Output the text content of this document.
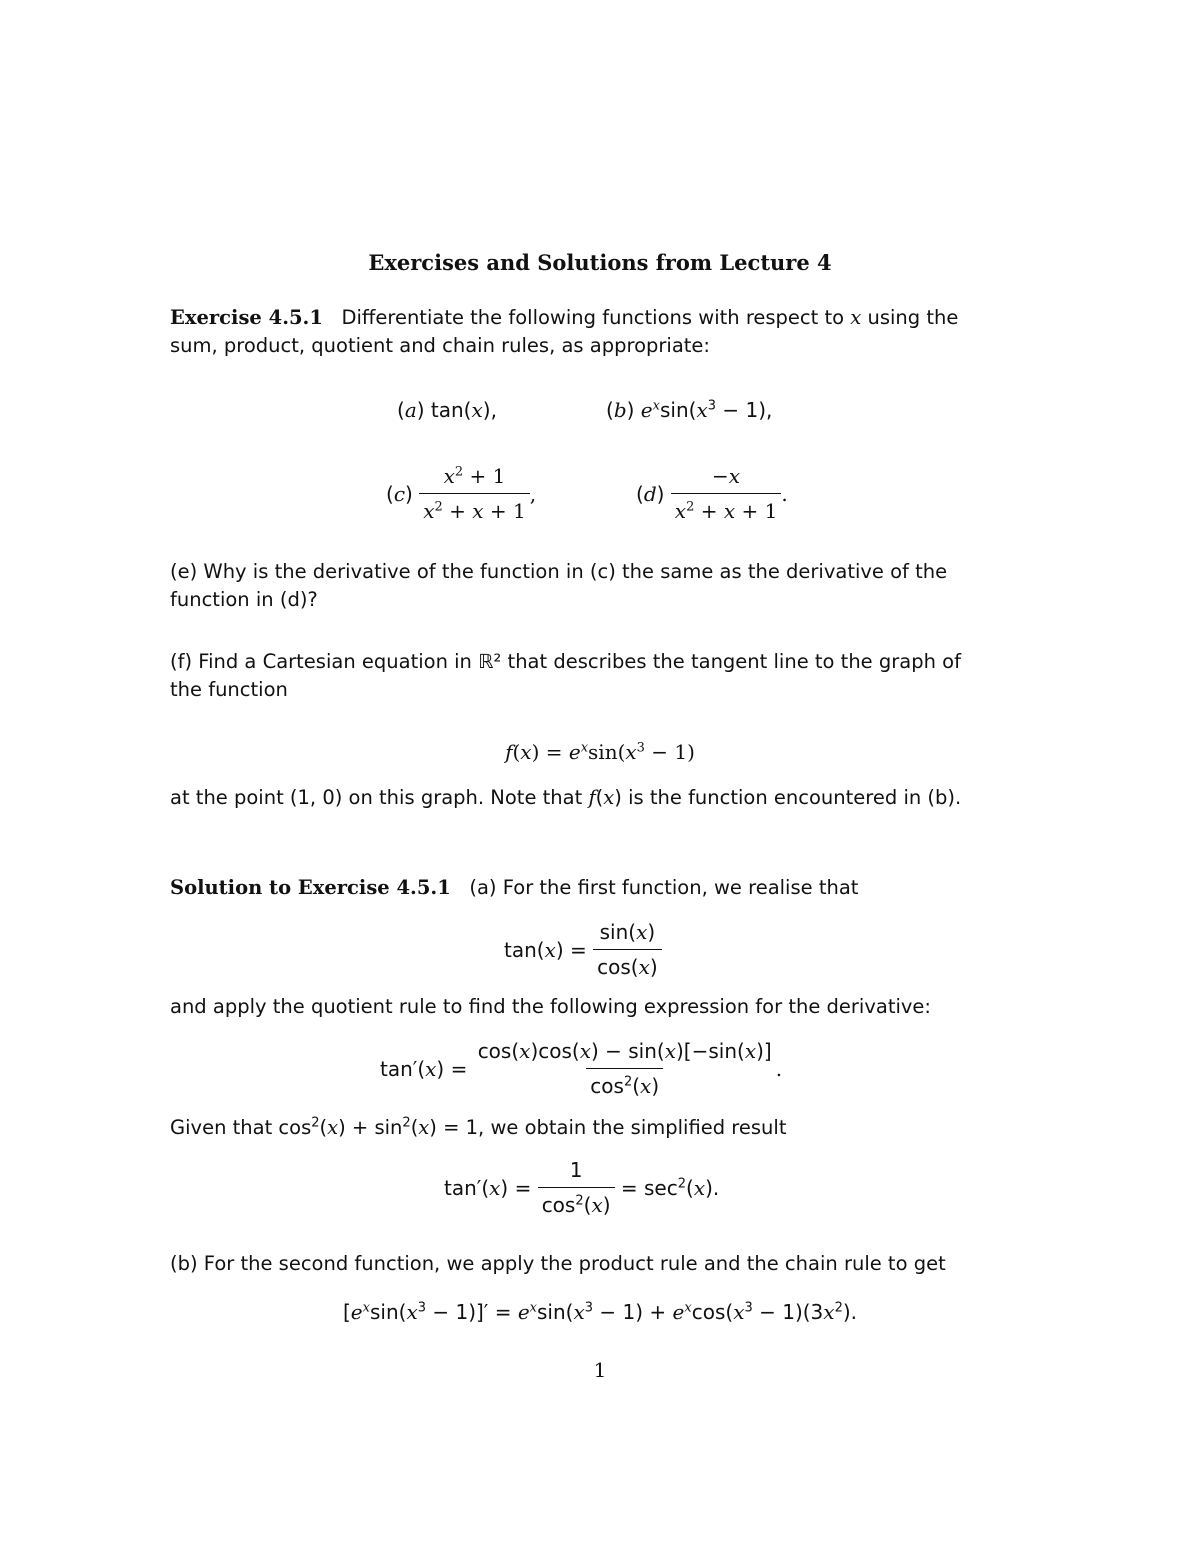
Exercises and Solutions from Lecture 4
Exercise 4.5.1   Differentiate the following functions with respect to x using the
sum, product, quotient and chain rules, as appropriate:
(a) tan(x),	(b) $e^x\sin(x^3 - 1)$,
$(c) \frac{x^2 + 1}{x^2 + x + 1}$ ,	$(d) \frac{-x}{x^2 + x + 1}$ .
(e) Why is the derivative of the function in (c) the same as the derivative of the
function in (d)?
(f) Find a Cartesian equation in ℝ² that describes the tangent line to the graph of
the function
$f(x) = e^x\sin(x^3 - 1)$
at the point (1, 0) on this graph. Note that f(x) is the function encountered in (b).
Solution to Exercise 4.5.1   (a) For the first function, we realise that
$\tan(x) = \frac{\sin(x)}{\cos(x)}$
and apply the quotient rule to find the following expression for the derivative:
$\tan'(x) = \frac{\cos(x)\cos(x) - \sin(x)[-\sin(x)]}{\cos^2(x)}$ .
Given that $\cos^2(x) + \sin^2(x) = 1$, we obtain the simplified result
$\tan'(x) = \frac{1}{\cos^2(x)} = \sec^2(x)$.
(b) For the second function, we apply the product rule and the chain rule to get
$[e^x\sin(x^3 - 1)]' = e^x\sin(x^3 - 1) + e^x\cos(x^3 - 1)(3x^2)$.
1
